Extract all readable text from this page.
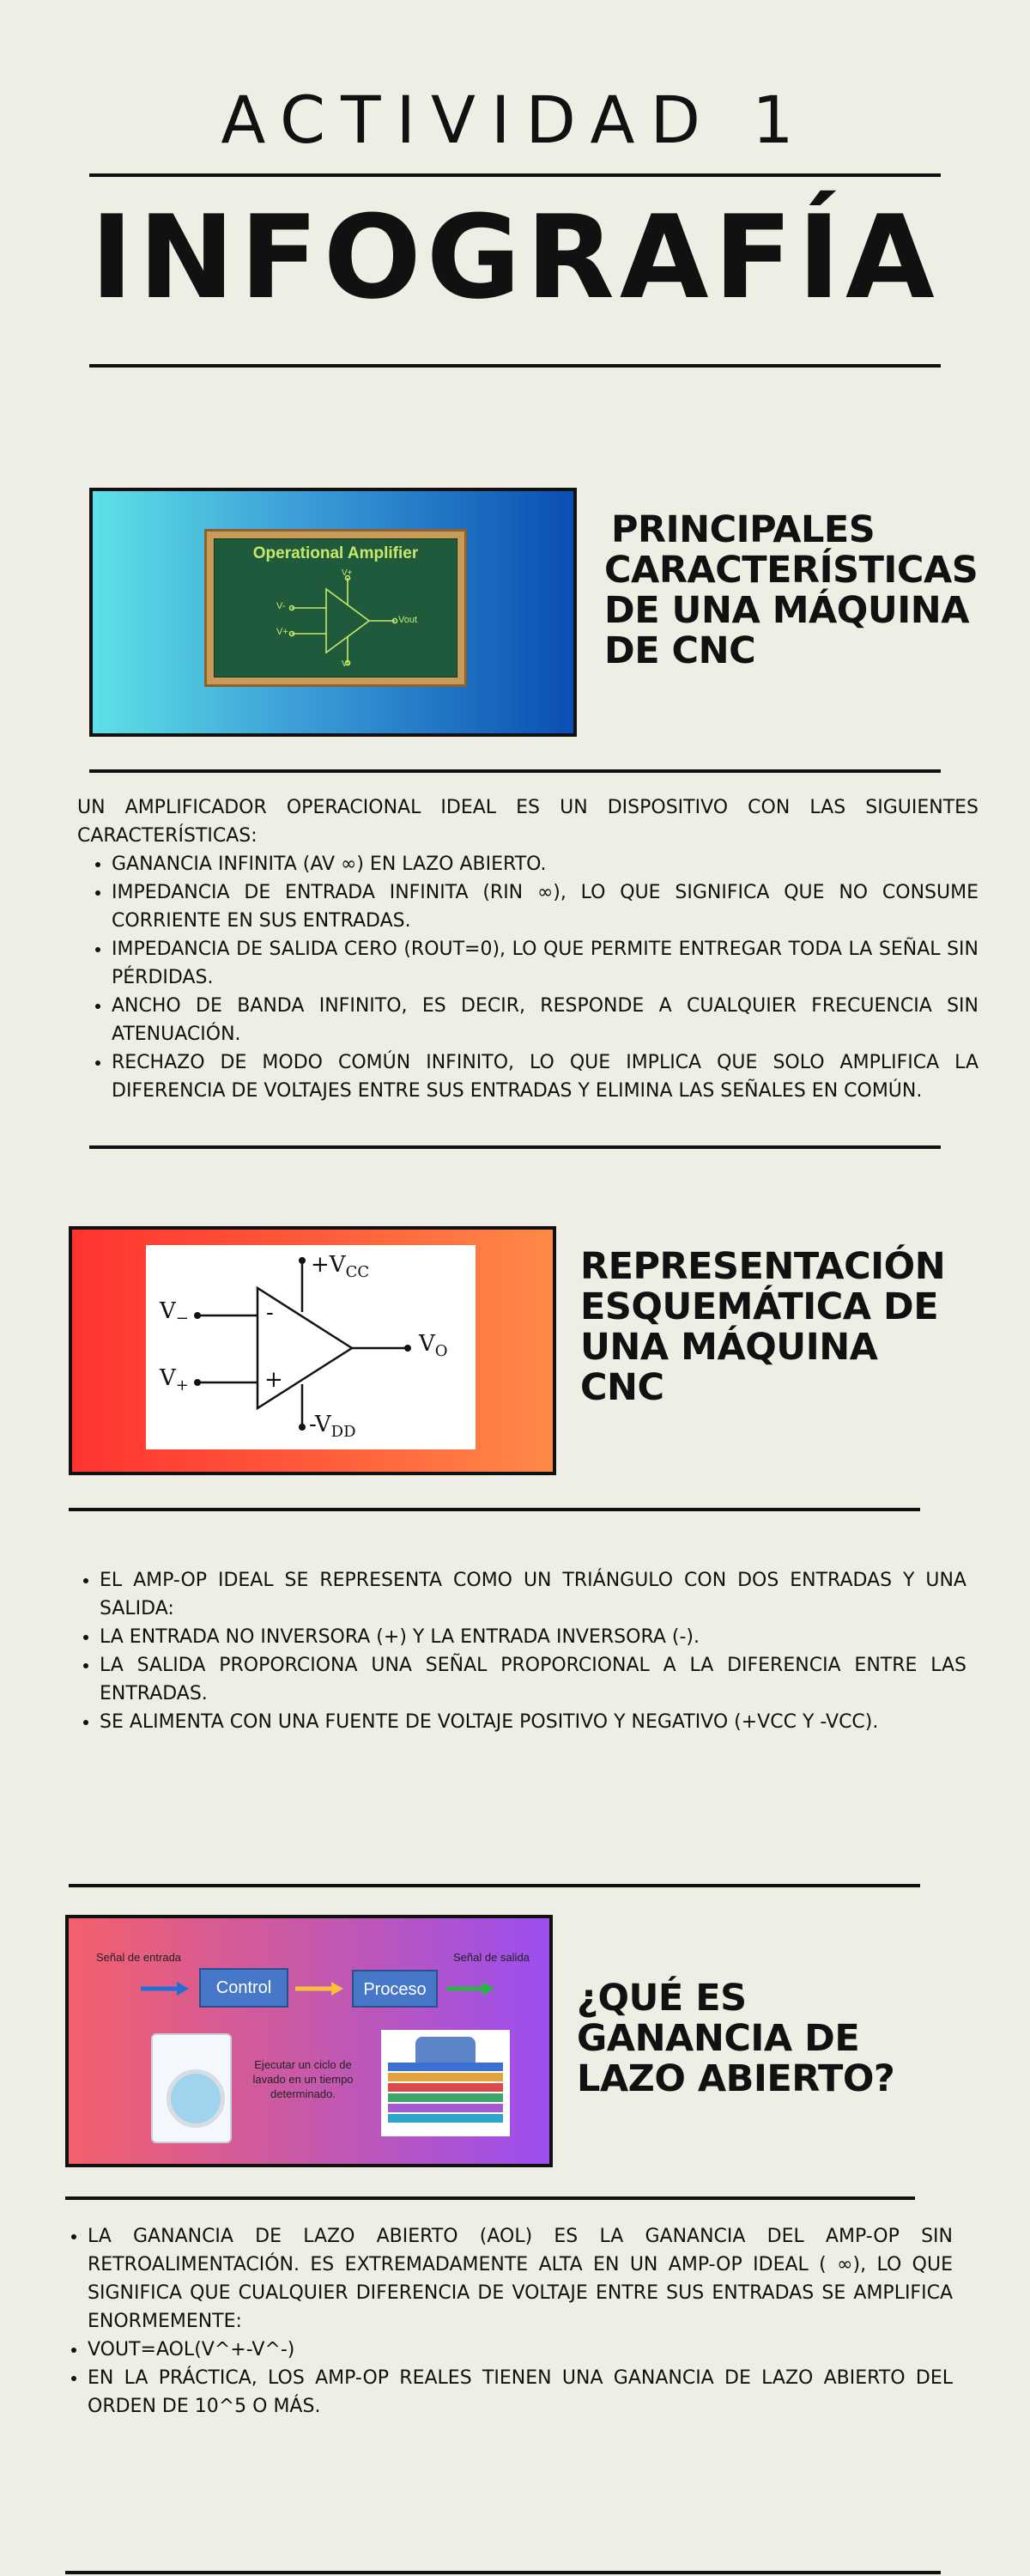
ACTIVIDAD 1
INFOGRAFÍA
Operational Amplifier
V+
V-
V+
Vout
V-
PRINCIPALES
CARACTERÍSTICAS
DE UNA MÁQUINA
DE CNC

UN AMPLIFICADOR OPERACIONAL IDEAL ES UN DISPOSITIVO CON LAS SIGUIENTES CARACTERÍSTICAS:

• GANANCIA INFINITA (AV ∞) EN LAZO ABIERTO.
• IMPEDANCIA DE ENTRADA INFINITA (RIN ∞), LO QUE SIGNIFICA QUE NO CONSUME CORRIENTE EN SUS ENTRADAS.
• IMPEDANCIA DE SALIDA CERO (ROUT=0), LO QUE PERMITE ENTREGAR TODA LA SEÑAL SIN PÉRDIDAS.
• ANCHO DE BANDA INFINITO, ES DECIR, RESPONDE A CUALQUIER FRECUENCIA SIN ATENUACIÓN.
• RECHAZO DE MODO COMÚN INFINITO, LO QUE IMPLICA QUE SOLO AMPLIFICA LA DIFERENCIA DE VOLTAJES ENTRE SUS ENTRADAS Y ELIMINA LAS SEÑALES EN COMÚN.
-
+
$+V_{CC}$
$-V_{DD}$
$V_-$
$V_+$
$V_O$
REPRESENTACIÓN
ESQUEMÁTICA DE
UNA MÁQUINA
CNC
• EL AMP-OP IDEAL SE REPRESENTA COMO UN TRIÁNGULO CON DOS ENTRADAS Y UNA SALIDA:
• LA ENTRADA NO INVERSORA (+) Y LA ENTRADA INVERSORA (-).
• LA SALIDA PROPORCIONA UNA SEÑAL PROPORCIONAL A LA DIFERENCIA ENTRE LAS ENTRADAS.
• SE ALIMENTA CON UNA FUENTE DE VOLTAJE POSITIVO Y NEGATIVO (+VCC Y -VCC).
Señal de entrada	Señal de salida
Control	Proceso
Ejecutar un ciclo de lavado en un tiempo determinado.
¿QUÉ ES
GANANCIA DE
LAZO ABIERTO?
• LA GANANCIA DE LAZO ABIERTO (AOL) ES LA GANANCIA DEL AMP-OP SIN RETROALIMENTACIÓN. ES EXTREMADAMENTE ALTA EN UN AMP-OP IDEAL ( ∞), LO QUE SIGNIFICA QUE CUALQUIER DIFERENCIA DE VOLTAJE ENTRE SUS ENTRADAS SE AMPLIFICA ENORMEMENTE:
• VOUT=AOL(V^+-V^-)
• EN LA PRÁCTICA, LOS AMP-OP REALES TIENEN UNA GANANCIA DE LAZO ABIERTO DEL ORDEN DE 10^5 O MÁS.
